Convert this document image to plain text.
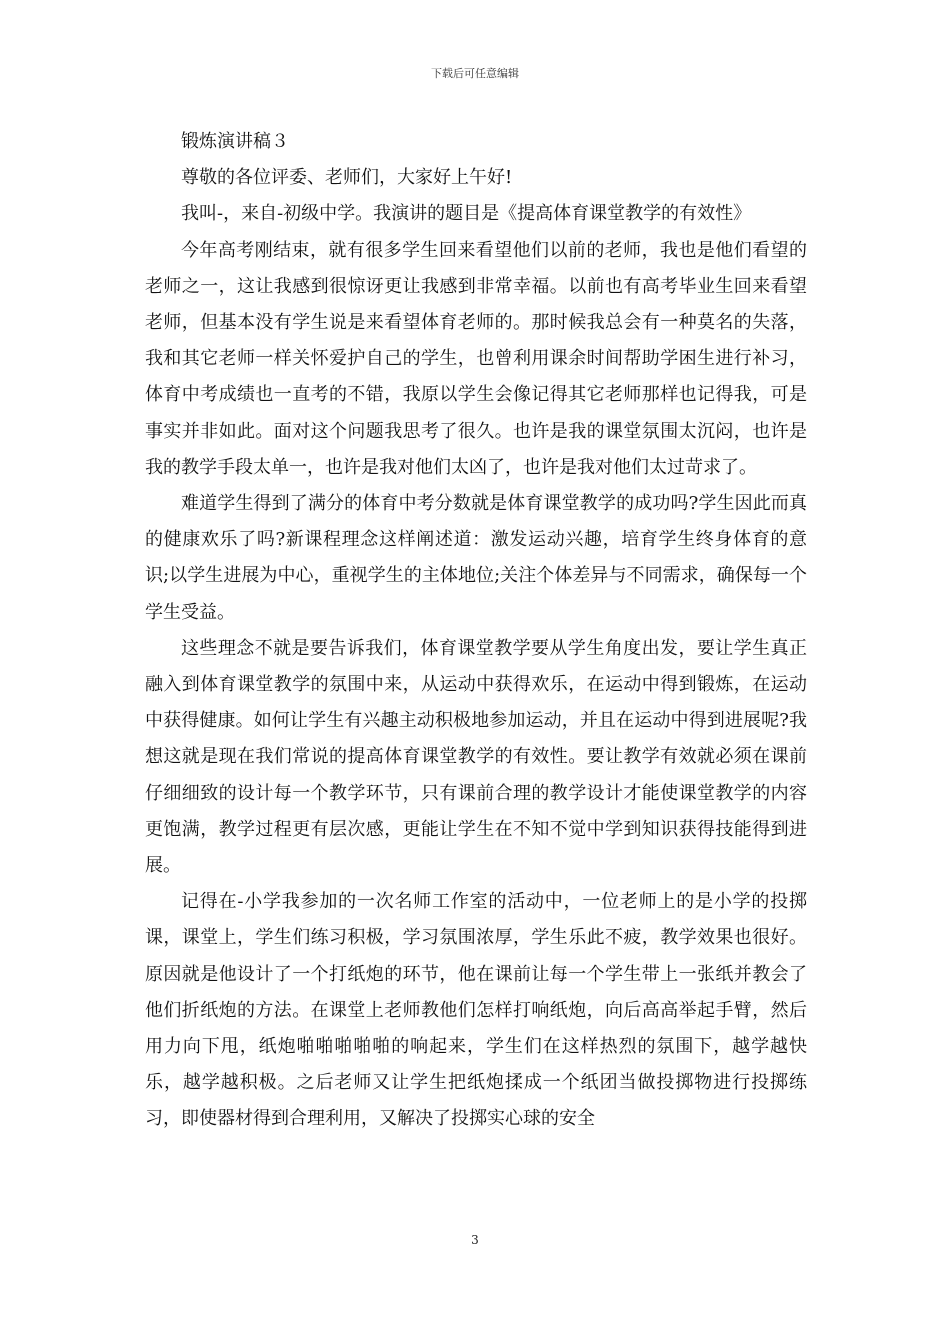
下载后可任意编辑

锻炼演讲稿３

尊敬的各位评委、老师们，大家好上午好!

我叫-，来自-初级中学。我演讲的题目是《提高体育课堂教学的有效性》

今年高考刚结束，就有很多学生回来看望他们以前的老师，我也是他们看望的老师之一，这让我感到很惊讶更让我感到非常幸福。以前也有高考毕业生回来看望老师，但基本没有学生说是来看望体育老师的。那时候我总会有一种莫名的失落，我和其它老师一样关怀爱护自己的学生，也曾利用课余时间帮助学困生进行补习，体育中考成绩也一直考的不错，我原以学生会像记得其它老师那样也记得我，可是事实并非如此。面对这个问题我思考了很久。也许是我的课堂氛围太沉闷，也许是我的教学手段太单一，也许是我对他们太凶了，也许是我对他们太过苛求了。

难道学生得到了满分的体育中考分数就是体育课堂教学的成功吗?学生因此而真的健康欢乐了吗?新课程理念这样阐述道：激发运动兴趣，培育学生终身体育的意识;以学生进展为中心，重视学生的主体地位;关注个体差异与不同需求，确保每一个学生受益。

这些理念不就是要告诉我们，体育课堂教学要从学生角度出发，要让学生真正融入到体育课堂教学的氛围中来，从运动中获得欢乐，在运动中得到锻炼，在运动中获得健康。如何让学生有兴趣主动积极地参加运动，并且在运动中得到进展呢?我想这就是现在我们常说的提高体育课堂教学的有效性。要让教学有效就必须在课前仔细细致的设计每一个教学环节，只有课前合理的教学设计才能使课堂教学的内容更饱满，教学过程更有层次感，更能让学生在不知不觉中学到知识获得技能得到进展。

记得在-小学我参加的一次名师工作室的活动中，一位老师上的是小学的投掷课，课堂上，学生们练习积极，学习氛围浓厚，学生乐此不疲，教学效果也很好。原因就是他设计了一个打纸炮的环节，他在课前让每一个学生带上一张纸并教会了他们折纸炮的方法。在课堂上老师教他们怎样打响纸炮，向后高高举起手臂，然后用力向下甩，纸炮啪啪啪啪啪的响起来，学生们在这样热烈的氛围下，越学越快乐，越学越积极。之后老师又让学生把纸炮揉成一个纸团当做投掷物进行投掷练习，即使器材得到合理利用，又解决了投掷实心球的安全

3
